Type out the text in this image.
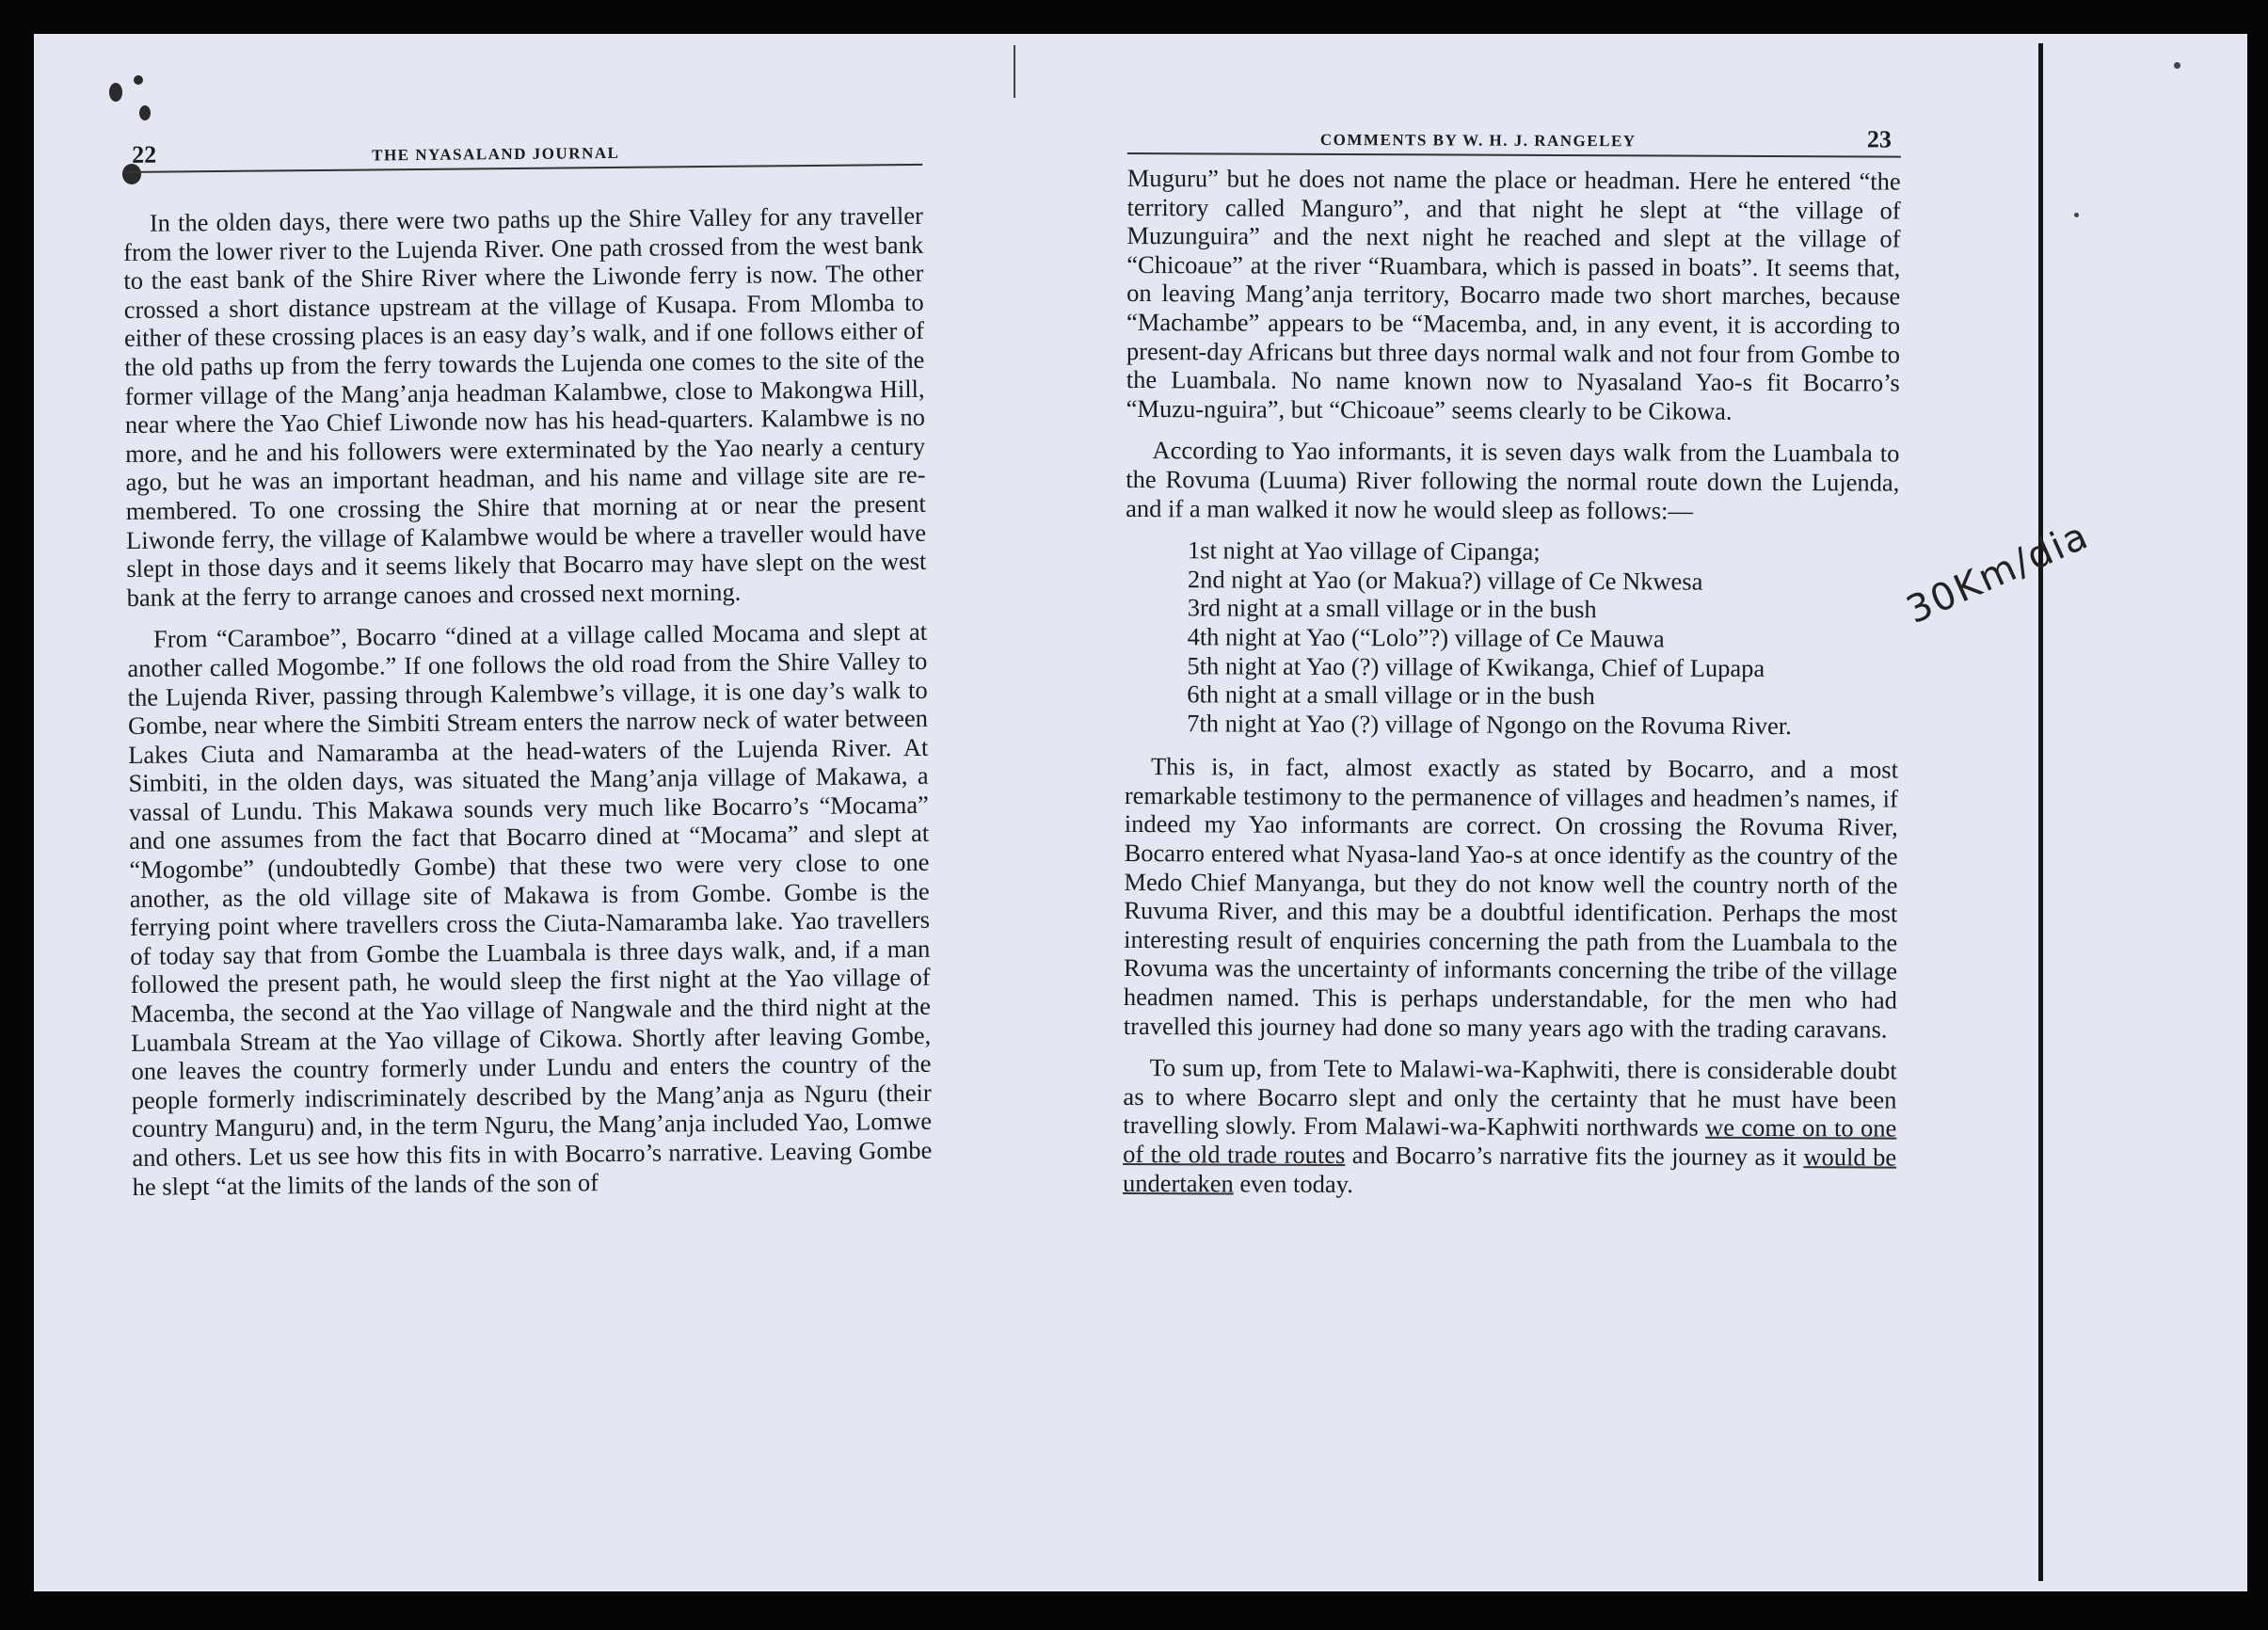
22	THE NYASALAND JOURNAL

In the olden days, there were two paths up the Shire Valley for any traveller from the lower river to the Lujenda River. One path crossed from the west bank to the east bank of the Shire River where the Liwonde ferry is now. The other crossed a short distance upstream at the village of Kusapa. From Mlomba to either of these crossing places is an easy day’s walk, and if one follows either of the old paths up from the ferry towards the Lujenda one comes to the site of the former village of the Mang’anja headman Kalambwe, close to Makongwa Hill, near where the Yao Chief Liwonde now has his head-quarters. Kalambwe is no more, and he and his followers were exterminated by the Yao nearly a century ago, but he was an important headman, and his name and village site are re-membered. To one crossing the Shire that morning at or near the present Liwonde ferry, the village of Kalambwe would be where a traveller would have slept in those days and it seems likely that Bocarro may have slept on the west bank at the ferry to arrange canoes and crossed next morning.

From “Caramboe”, Bocarro “dined at a village called Mocama and slept at another called Mogombe.” If one follows the old road from the Shire Valley to the Lujenda River, passing through Kalembwe’s village, it is one day’s walk to Gombe, near where the Simbiti Stream enters the narrow neck of water between Lakes Ciuta and Namaramba at the head-waters of the Lujenda River. At Simbiti, in the olden days, was situated the Mang’anja village of Makawa, a vassal of Lundu. This Makawa sounds very much like Bocarro’s “Mocama” and one assumes from the fact that Bocarro dined at “Mocama” and slept at “Mogombe” (undoubtedly Gombe) that these two were very close to one another, as the old village site of Makawa is from Gombe. Gombe is the ferrying point where travellers cross the Ciuta-Namaramba lake. Yao travellers of today say that from Gombe the Luambala is three days walk, and, if a man followed the present path, he would sleep the first night at the Yao village of Macemba, the second at the Yao village of Nangwale and the third night at the Luambala Stream at the Yao village of Cikowa. Shortly after leaving Gombe, one leaves the country formerly under Lundu and enters the country of the people formerly indiscriminately described by the Mang’anja as Nguru (their country Manguru) and, in the term Nguru, the Mang’anja included Yao, Lomwe and others. Let us see how this fits in with Bocarro’s narrative. Leaving Gombe he slept “at the limits of the lands of the son of

COMMENTS BY W. H. J. RANGELEY	23

Muguru” but he does not name the place or headman. Here he entered “the territory called Manguro”, and that night he slept at “the village of Muzunguira” and the next night he reached and slept at the village of “Chicoaue” at the river “Ruambara, which is passed in boats”. It seems that, on leaving Mang’anja territory, Bocarro made two short marches, because “Machambe” appears to be “Macemba, and, in any event, it is according to present-day Africans but three days normal walk and not four from Gombe to the Luambala. No name known now to Nyasaland Yao-s fit Bocarro’s “Muzu-nguira”, but “Chicoaue” seems clearly to be Cikowa.

According to Yao informants, it is seven days walk from the Luambala to the Rovuma (Luuma) River following the normal route down the Lujenda, and if a man walked it now he would sleep as follows:—

1st night at Yao village of Cipanga;
2nd night at Yao (or Makua?) village of Ce Nkwesa
3rd night at a small village or in the bush
4th night at Yao (“Lolo”?) village of Ce Mauwa
5th night at Yao (?) village of Kwikanga, Chief of Lupapa
6th night at a small village or in the bush
7th night at Yao (?) village of Ngongo on the Rovuma River.

This is, in fact, almost exactly as stated by Bocarro, and a most remarkable testimony to the permanence of villages and headmen’s names, if indeed my Yao informants are correct. On crossing the Rovuma River, Bocarro entered what Nyasa-land Yao-s at once identify as the country of the Medo Chief Manyanga, but they do not know well the country north of the Ruvuma River, and this may be a doubtful identification. Perhaps the most interesting result of enquiries concerning the path from the Luambala to the Rovuma was the uncertainty of informants concerning the tribe of the village headmen named. This is perhaps understandable, for the men who had travelled this journey had done so many years ago with the trading caravans.

To sum up, from Tete to Malawi-wa-Kaphwiti, there is considerable doubt as to where Bocarro slept and only the certainty that he must have been travelling slowly. From Malawi-wa-Kaphwiti northwards we come on to one of the old trade routes and Bocarro’s narrative fits the journey as it would be undertaken even today.

30Km/dia
